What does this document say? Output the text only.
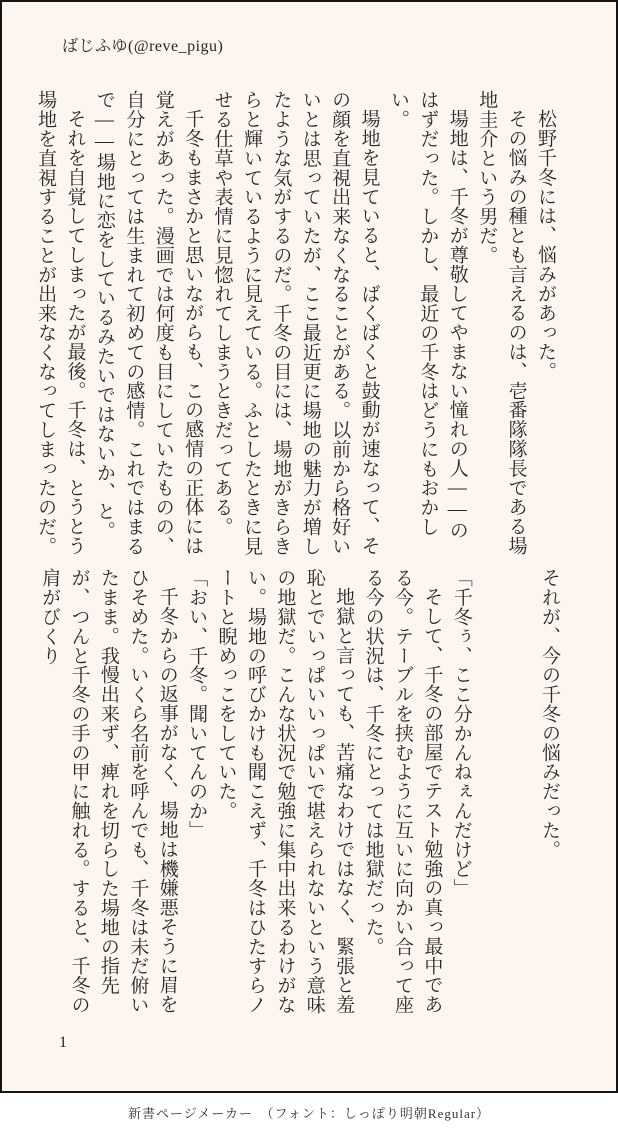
ばじふゆ(@reve_pigu)

松野千冬には、悩みがあった。

その悩みの種とも言えるのは、壱番隊隊長である場地圭介という男だ。

場地は、千冬が尊敬してやまない憧れの人――のはずだった。しかし、最近の千冬はどうにもおかしい。

場地を見ていると、ばくばくと鼓動が速なって、その顔を直視出来なくなることがある。以前から格好いいとは思っていたが、ここ最近更に場地の魅力が増したような気がするのだ。千冬の目には、場地がきらきらと輝いているように見えている。ふとしたときに見せる仕草や表情に見惚れてしまうときだってある。

千冬もまさかと思いながらも、この感情の正体には覚えがあった。漫画では何度も目にしていたものの、自分にとっては生まれて初めての感情。これではまるで――場地に恋をしているみたいではないか、と。

それを自覚してしまったが最後。千冬は、とうとう場地を直視することが出来なくなってしまったのだ。

それが、今の千冬の悩みだった。

「千冬ぅ、ここ分かんねぇんだけど」

そして、千冬の部屋でテスト勉強の真っ最中である今。テーブルを挟むように互いに向かい合って座る今の状況は、千冬にとっては地獄だった。

地獄と言っても、苦痛なわけではなく、緊張と羞恥とでいっぱいいっぱいで堪えられないという意味の地獄だ。こんな状況で勉強に集中出来るわけがない。場地の呼びかけも聞こえず、千冬はひたすらノートと睨めっこをしていた。

「おい、千冬。聞いてんのか」

千冬からの返事がなく、場地は機嫌悪そうに眉をひそめた。いくら名前を呼んでも、千冬は未だ俯いたまま。我慢出来ず、痺れを切らした場地の指先が、つんと千冬の手の甲に触れる。すると、千冬の肩がびくり

1
新書ページメーカー　（フォント：しっぽり明朝Regular）
